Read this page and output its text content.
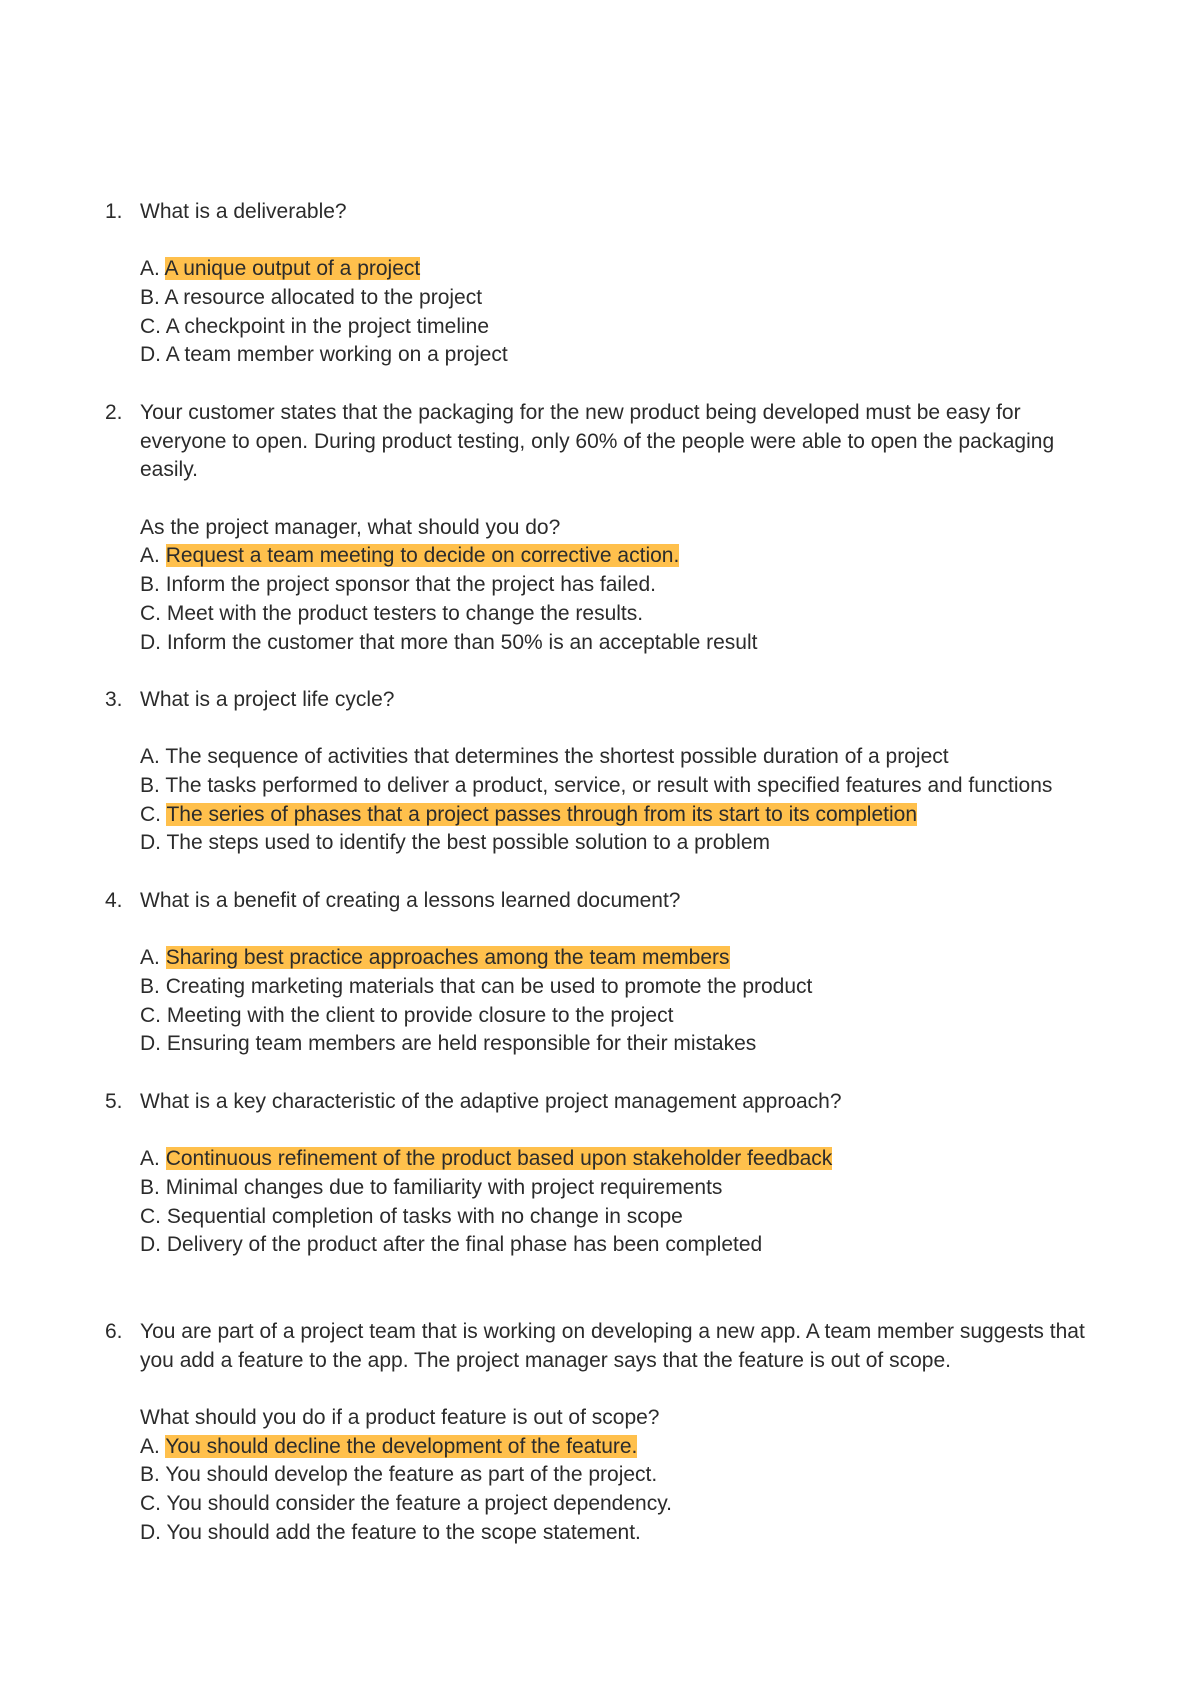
1. What is a deliverable?
A. A unique output of a project
B. A resource allocated to the project
C. A checkpoint in the project timeline
D. A team member working on a project
2. Your customer states that the packaging for the new product being developed must be easy for
everyone to open. During product testing, only 60% of the people were able to open the packaging
easily.
As the project manager, what should you do?
A. Request a team meeting to decide on corrective action.
B. Inform the project sponsor that the project has failed.
C. Meet with the product testers to change the results.
D. Inform the customer that more than 50% is an acceptable result
3. What is a project life cycle?
A. The sequence of activities that determines the shortest possible duration of a project
B. The tasks performed to deliver a product, service, or result with specified features and functions
C. The series of phases that a project passes through from its start to its completion
D. The steps used to identify the best possible solution to a problem
4. What is a benefit of creating a lessons learned document?
A. Sharing best practice approaches among the team members
B. Creating marketing materials that can be used to promote the product
C. Meeting with the client to provide closure to the project
D. Ensuring team members are held responsible for their mistakes
5. What is a key characteristic of the adaptive project management approach?
A. Continuous refinement of the product based upon stakeholder feedback
B. Minimal changes due to familiarity with project requirements
C. Sequential completion of tasks with no change in scope
D. Delivery of the product after the final phase has been completed
6. You are part of a project team that is working on developing a new app. A team member suggests that
you add a feature to the app. The project manager says that the feature is out of scope.
What should you do if a product feature is out of scope?
A. You should decline the development of the feature.
B. You should develop the feature as part of the project.
C. You should consider the feature a project dependency.
D. You should add the feature to the scope statement.
